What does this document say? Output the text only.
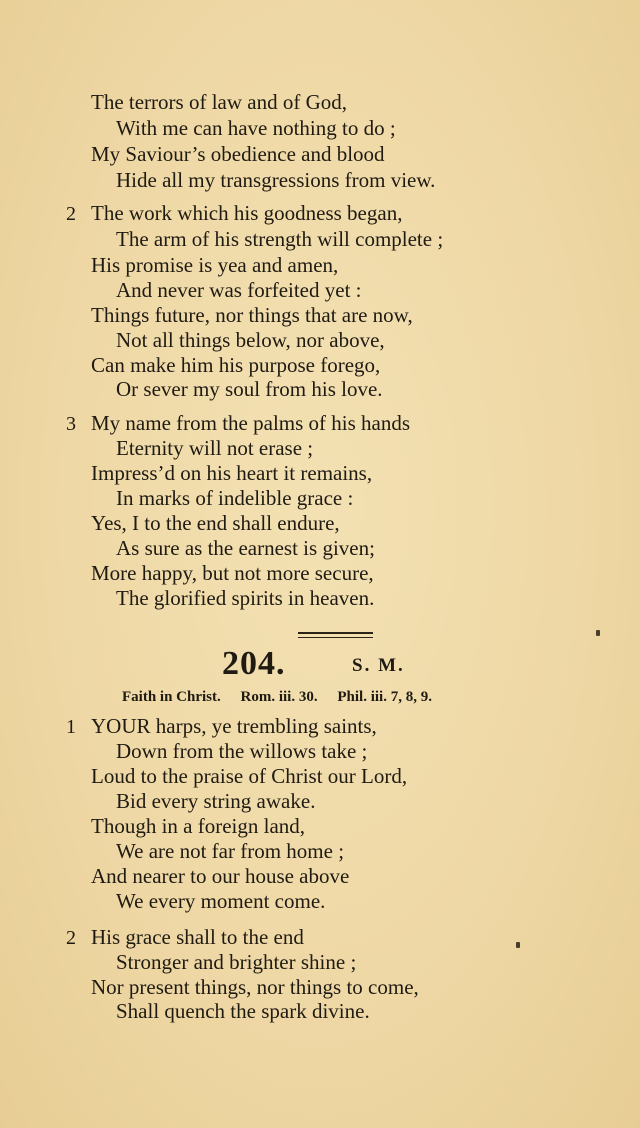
The terrors of law and of God,
With me can have nothing to do ;
My Saviour’s obedience and blood
Hide all my transgressions from view.
2 The work which his goodness began,
The arm of his strength will complete ;
His promise is yea and amen,
And never was forfeited yet :
Things future, nor things that are now,
Not all things below, nor above,
Can make him his purpose forego,
Or sever my soul from his love.
3 My name from the palms of his hands
Eternity will not erase ;
Impress’d on his heart it remains,
In marks of indelible grace :
Yes, I to the end shall endure,
As sure as the earnest is given;
More happy, but not more secure,
The glorified spirits in heaven.
204.	S. M.
Faith in Christ. Rom. iii. 30. Phil. iii. 7, 8, 9.
1 YOUR harps, ye trembling saints,
Down from the willows take ;
Loud to the praise of Christ our Lord,
Bid every string awake.
Though in a foreign land,
We are not far from home ;
And nearer to our house above
We every moment come.
2 His grace shall to the end
Stronger and brighter shine ;
Nor present things, nor things to come,
Shall quench the spark divine.
